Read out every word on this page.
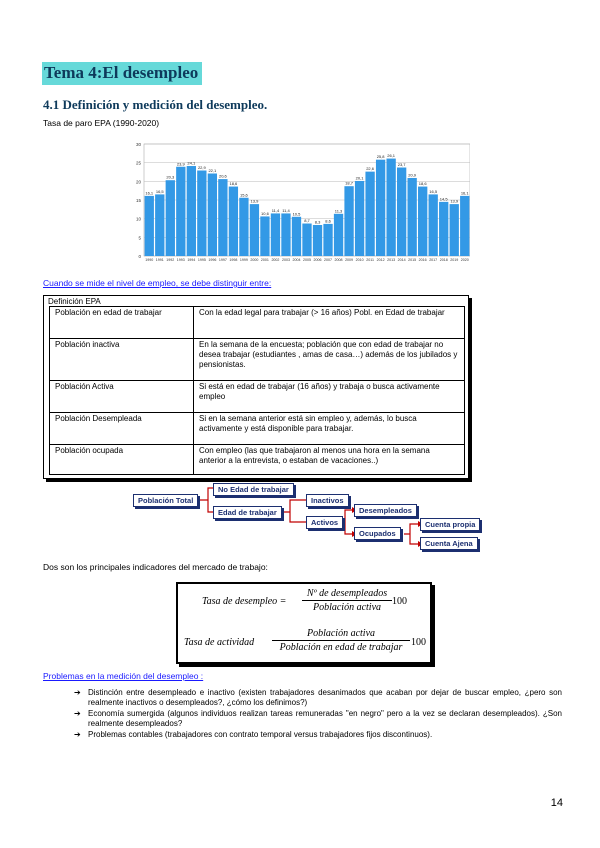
Tema 4:El desempleo
4.1 Definición y medición del desempleo.
Tasa de paro EPA (1990-2020)
0
5
10
15
20
25
30
16,1
1990
16,5
1991
20,3
1992
23,9
1993
24,1
1994
22,9
1995
22,1
1996
20,6
1997
18,6
1998
15,6
1999
13,9
2000
10,6
2001
11,4
2002
11,4
2003
10,5
2004
8,7
2005
8,3
2006
8,6
2007
11,3
2008
18,7
2009
20,1
2010
22,6
2011
25,8
2012
26,1
2013
23,7
2014
20,9
2015
18,6
2016
16,5
2017
14,5
2018
13,9
2019
16,1
2020
Cuando se mide el nivel de empleo, se debe distinguir entre:
Definición EPA
Población en edad de trabajar	Con la edad legal para trabajar (> 16 años) Pobl. en Edad de trabajar
Población inactiva	En la semana de la encuesta; población que con edad de trabajar no desea trabajar (estudiantes , amas de casa…) además de los jubilados y pensionistas.
Población Activa	Si está en edad de trabajar (16 años) y trabaja o busca activamente empleo
Población Desempleada	Si en la semana anterior está sin empleo y, además, lo busca activamente y está disponible para trabajar.
Población ocupada	Con empleo (las que trabajaron al menos una hora en la semana anterior a la entrevista, o estaban de vacaciones..)
Población Total
No Edad de trabajar
Edad de trabajar
Inactivos
Activos
Desempleados
Ocupados
Cuenta propia
Cuenta Ajena
Dos son los principales indicadores del mercado de trabajo:
Tasa de desempleo =
Nº de desempleados
Población activa
100
Tasa de actividad
Población activa
Población en edad de trabajar 100
Problemas en la medición del desempleo :
➔ Distinción entre desempleado e inactivo (existen trabajadores desanimados que acaban por dejar de buscar empleo, ¿pero son realmente inactivos o desempleados?, ¿cómo los definimos?)
➔ Economía sumergida (algunos individuos realizan tareas remuneradas "en negro" pero a la vez se declaran desempleados). ¿Son realmente desempleados?
➔ Problemas contables (trabajadores con contrato temporal versus trabajadores fijos discontinuos).
14
